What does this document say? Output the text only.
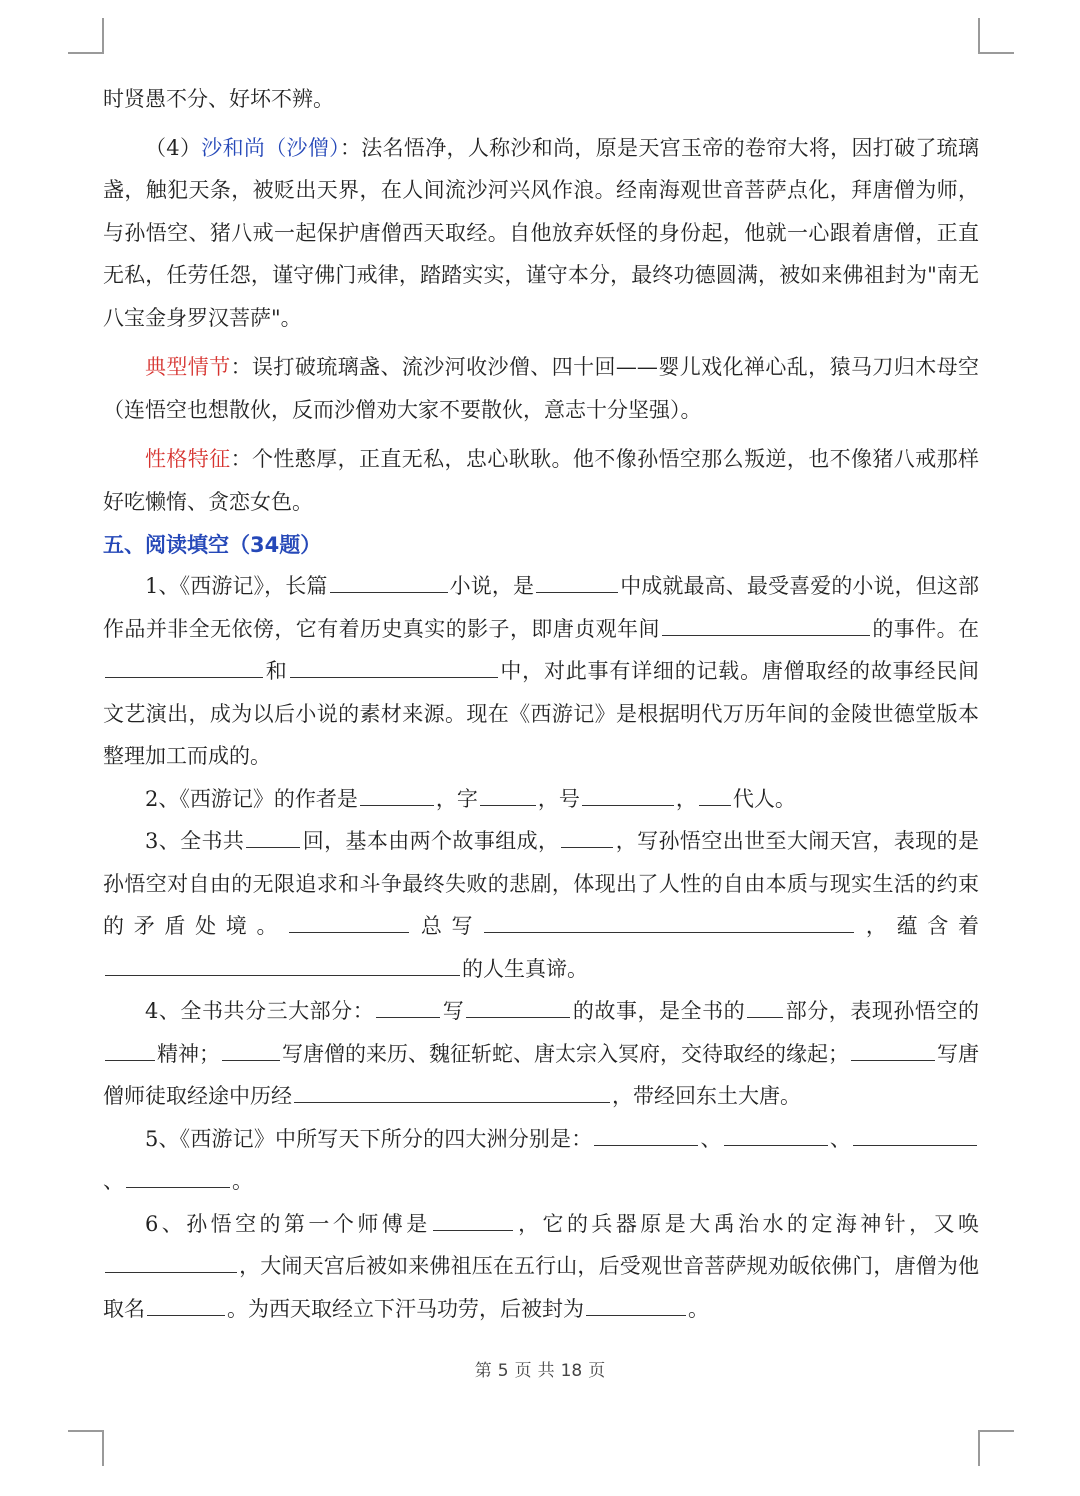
时贤愚不分、好坏不辨。

（4）沙和尚（沙僧）：法名悟净，人称沙和尚，原是天宫玉帝的卷帘大将，因打破了琉璃盏，触犯天条，被贬出天界，在人间流沙河兴风作浪。经南海观世音菩萨点化，拜唐僧为师，与孙悟空、猪八戒一起保护唐僧西天取经。自他放弃妖怪的身份起，他就一心跟着唐僧，正直无私，任劳任怨，谨守佛门戒律，踏踏实实，谨守本分，最终功德圆满，被如来佛祖封为"南无八宝金身罗汉菩萨"。

典型情节：误打破琉璃盏、流沙河收沙僧、四十回——婴儿戏化禅心乱，猿马刀归木母空（连悟空也想散伙，反而沙僧劝大家不要散伙，意志十分坚强）。

性格特征：个性憨厚，正直无私，忠心耿耿。他不像孙悟空那么叛逆，也不像猪八戒那样好吃懒惰、贪恋女色。

五、阅读填空（34题）

1、《西游记》，长篇	小说，是	中成就最高、最受喜爱的小说，但这部作品并非全无依傍，它有着历史真实的影子，即唐贞观年间	的事件。在和	中，对此事有详细的记载。唐僧取经的故事经民间文艺演出，成为以后小说的素材来源。现在《西游记》是根据明代万历年间的金陵世德堂版本整理加工而成的。

2、《西游记》的作者是	，字	，号	， 代人。

3、全书共	回，基本由两个故事组成，	，写孙悟空出世至大闹天宫，表现的是孙悟空对自由的无限追求和斗争最终失败的悲剧，体现出了人性的自由本质与现实生活的约束的矛盾处境。	总写	，蕴含着的人生真谛。

4、全书共分三大部分：	写	的故事，是全书的 部分，表现孙悟空的精神；	写唐僧的来历、魏征斩蛇、唐太宗入冥府，交待取经的缘起；	写唐僧师徒取经途中历经	，带经回东土大唐。

5、《西游记》中所写天下所分的四大洲分别是：	、	、、	。

6、孙悟空的第一个师傅是	，它的兵器原是大禹治水的定海神针，又唤，大闹天宫后被如来佛祖压在五行山，后受观世音菩萨规劝皈依佛门，唐僧为他取名	。为西天取经立下汗马功劳，后被封为	。

第 5 页 共 18 页
